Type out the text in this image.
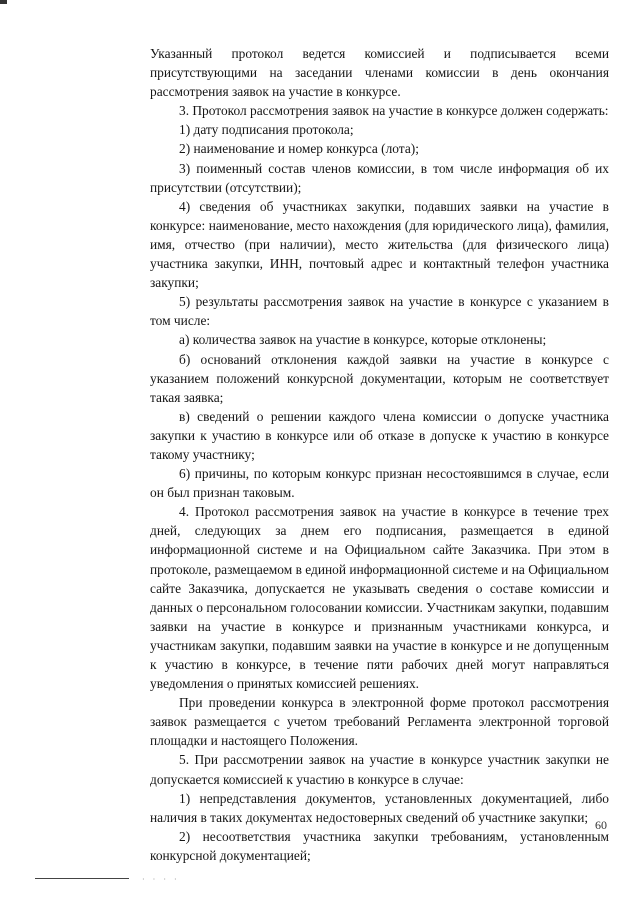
Указанный протокол ведется комиссией и подписывается всеми присутствующими на заседании членами комиссии в день окончания рассмотрения заявок на участие в конкурсе.

3. Протокол рассмотрения заявок на участие в конкурсе должен содержать:

1) дату подписания протокола;

2) наименование и номер конкурса (лота);

3) поименный состав членов комиссии, в том числе информация об их присутствии (отсутствии);

4) сведения об участниках закупки, подавших заявки на участие в конкурсе: наименование, место нахождения (для юридического лица), фамилия, имя, отчество (при наличии), место жительства (для физического лица) участника закупки, ИНН, почтовый адрес и контактный телефон участника закупки;

5) результаты рассмотрения заявок на участие в конкурсе с указанием в том числе:

а) количества заявок на участие в конкурсе, которые отклонены;

б) оснований отклонения каждой заявки на участие в конкурсе с указанием положений конкурсной документации, которым не соответствует такая заявка;

в) сведений о решении каждого члена комиссии о допуске участника закупки к участию в конкурсе или об отказе в допуске к участию в конкурсе такому участнику;

6) причины, по которым конкурс признан несостоявшимся в случае, если он был признан таковым.

4. Протокол рассмотрения заявок на участие в конкурсе в течение трех дней, следующих за днем его подписания, размещается в единой информационной системе и на Официальном сайте Заказчика. При этом в протоколе, размещаемом в единой информационной системе и на Официальном сайте Заказчика, допускается не указывать сведения о составе комиссии и данных о персональном голосовании комиссии. Участникам закупки, подавшим заявки на участие в конкурсе и признанным участниками конкурса, и участникам закупки, подавшим заявки на участие в конкурсе и не допущенным к участию в конкурсе, в течение пяти рабочих дней могут направляться уведомления о принятых комиссией решениях.

При проведении конкурса в электронной форме протокол рассмотрения заявок размещается с учетом требований Регламента электронной торговой площадки и настоящего Положения.

5. При рассмотрении заявок на участие в конкурсе участник закупки не допускается комиссией к участию в конкурсе в случае:

1) непредставления документов, установленных документацией, либо наличия в таких документах недостоверных сведений об участнике закупки;

2) несоответствия участника закупки требованиям, установленным конкурсной документацией;

60
· · · ·
